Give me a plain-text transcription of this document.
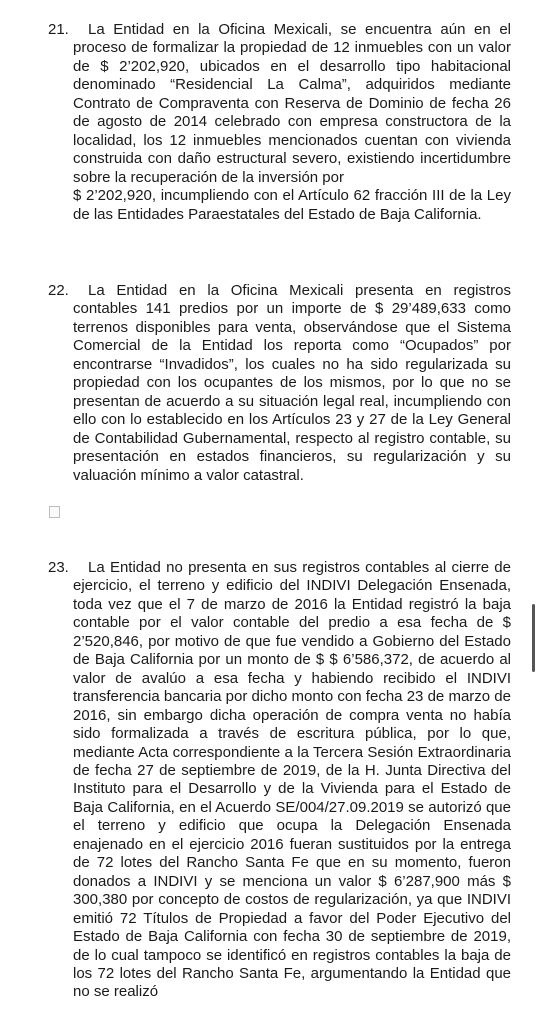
21.	La Entidad en la Oficina Mexicali, se encuentra aún en el proceso de formalizar la propiedad de 12 inmuebles con un valor de $ 2’202,920, ubicados en el desarrollo tipo habitacional denominado “Residencial La Calma”, adquiridos mediante Contrato de Compraventa con Reserva de Dominio de fecha 26 de agosto de 2014 celebrado con empresa constructora de la localidad, los 12 inmuebles mencionados cuentan con vivienda construida con daño estructural severo, existiendo incertidumbre sobre la recuperación de la inversión por
$ 2’202,920, incumpliendo con el Artículo 62 fracción III de la Ley de las Entidades Paraestatales del Estado de Baja California.

22.	La Entidad en la Oficina Mexicali presenta en registros contables 141 predios por un importe de $ 29’489,633 como terrenos disponibles para venta, observándose que el Sistema Comercial de la Entidad los reporta como “Ocupados” por encontrarse “Invadidos”, los cuales no ha sido regularizada su propiedad con los ocupantes de los mismos, por lo que no se presentan de acuerdo a su situación legal real, incumpliendo con ello con lo establecido en los Artículos 23 y 27 de la Ley General de Contabilidad Gubernamental, respecto al registro contable, su presentación en estados financieros, su regularización y su valuación mínimo a valor catastral.

23.	La Entidad no presenta en sus registros contables al cierre de ejercicio, el terreno y edificio del INDIVI Delegación Ensenada, toda vez que el 7 de marzo de 2016 la Entidad registró la baja contable por el valor contable del predio a esa fecha de $ 2’520,846, por motivo de que fue vendido a Gobierno del Estado de Baja California por un monto de $ $ 6’586,372, de acuerdo al valor de avalúo a esa fecha y habiendo recibido el INDIVI transferencia bancaria por dicho monto con fecha 23 de marzo de 2016, sin embargo dicha operación de compra venta no había sido formalizada a través de escritura pública, por lo que, mediante Acta correspondiente a la Tercera Sesión Extraordinaria de fecha 27 de septiembre de 2019, de la H. Junta Directiva del Instituto para el Desarrollo y de la Vivienda para el Estado de Baja California, en el Acuerdo SE/004/27.09.2019 se autorizó que el terreno y edificio que ocupa la Delegación Ensenada enajenado en el ejercicio 2016 fueran sustituidos por la entrega de 72 lotes del Rancho Santa Fe que en su momento, fueron donados a INDIVI y se menciona un valor $ 6’287,900 más $ 300,380 por concepto de costos de regularización, ya que INDIVI emitió 72 Títulos de Propiedad a favor del Poder Ejecutivo del Estado de Baja California con fecha 30 de septiembre de 2019, de lo cual tampoco se identificó en registros contables la baja de los 72 lotes del Rancho Santa Fe, argumentando la Entidad que no se realizó
